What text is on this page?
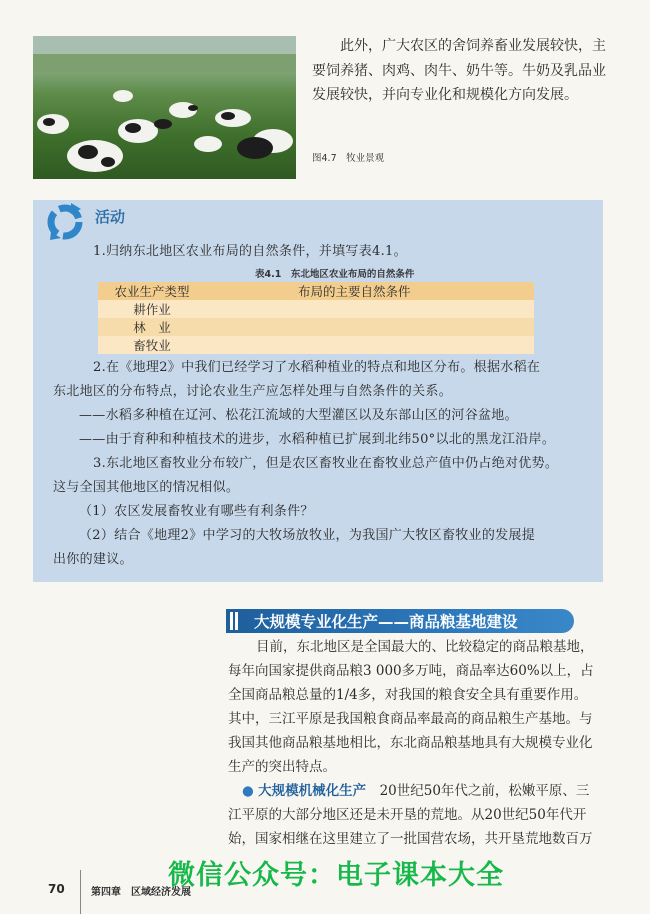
此外，广大农区的舍饲养畜业发展较快，主要饲养猪、肉鸡、肉牛、奶牛等。牛奶及乳品业发展较快，并向专业化和规模化方向发展。

图4.7　牧业景观

活动

1.归纳东北地区农业布局的自然条件，并填写表4.1。

表4.1　东北地区农业布局的自然条件

农业生产类型	布局的主要自然条件
耕作业	
林　业	
畜牧业	

2.在《地理2》中我们已经学习了水稻种植业的特点和地区分布。根据水稻在

东北地区的分布特点，讨论农业生产应怎样处理与自然条件的关系。

——水稻多种植在辽河、松花江流域的大型灌区以及东部山区的河谷盆地。

——由于育种和种植技术的进步，水稻种植已扩展到北纬50°以北的黑龙江沿岸。

3.东北地区畜牧业分布较广，但是农区畜牧业在畜牧业总产值中仍占绝对优势。

这与全国其他地区的情况相似。

（1）农区发展畜牧业有哪些有利条件？

（2）结合《地理2》中学习的大牧场放牧业，为我国广大牧区畜牧业的发展提

出你的建议。

大规模专业化生产——商品粮基地建设

目前，东北地区是全国最大的、比较稳定的商品粮基地，

每年向国家提供商品粮3 000多万吨，商品率达60%以上，占

全国商品粮总量的1/4多，对我国的粮食安全具有重要作用。

其中，三江平原是我国粮食商品率最高的商品粮生产基地。与

我国其他商品粮基地相比，东北商品粮基地具有大规模专业化

生产的突出特点。

● 大规模机械化生产　20世纪50年代之前，松嫩平原、三

江平原的大部分地区还是未开垦的荒地。从20世纪50年代开

始，国家相继在这里建立了一批国营农场，共开垦荒地数百万

微信公众号：电子课本大全

70	第四章　区域经济发展
